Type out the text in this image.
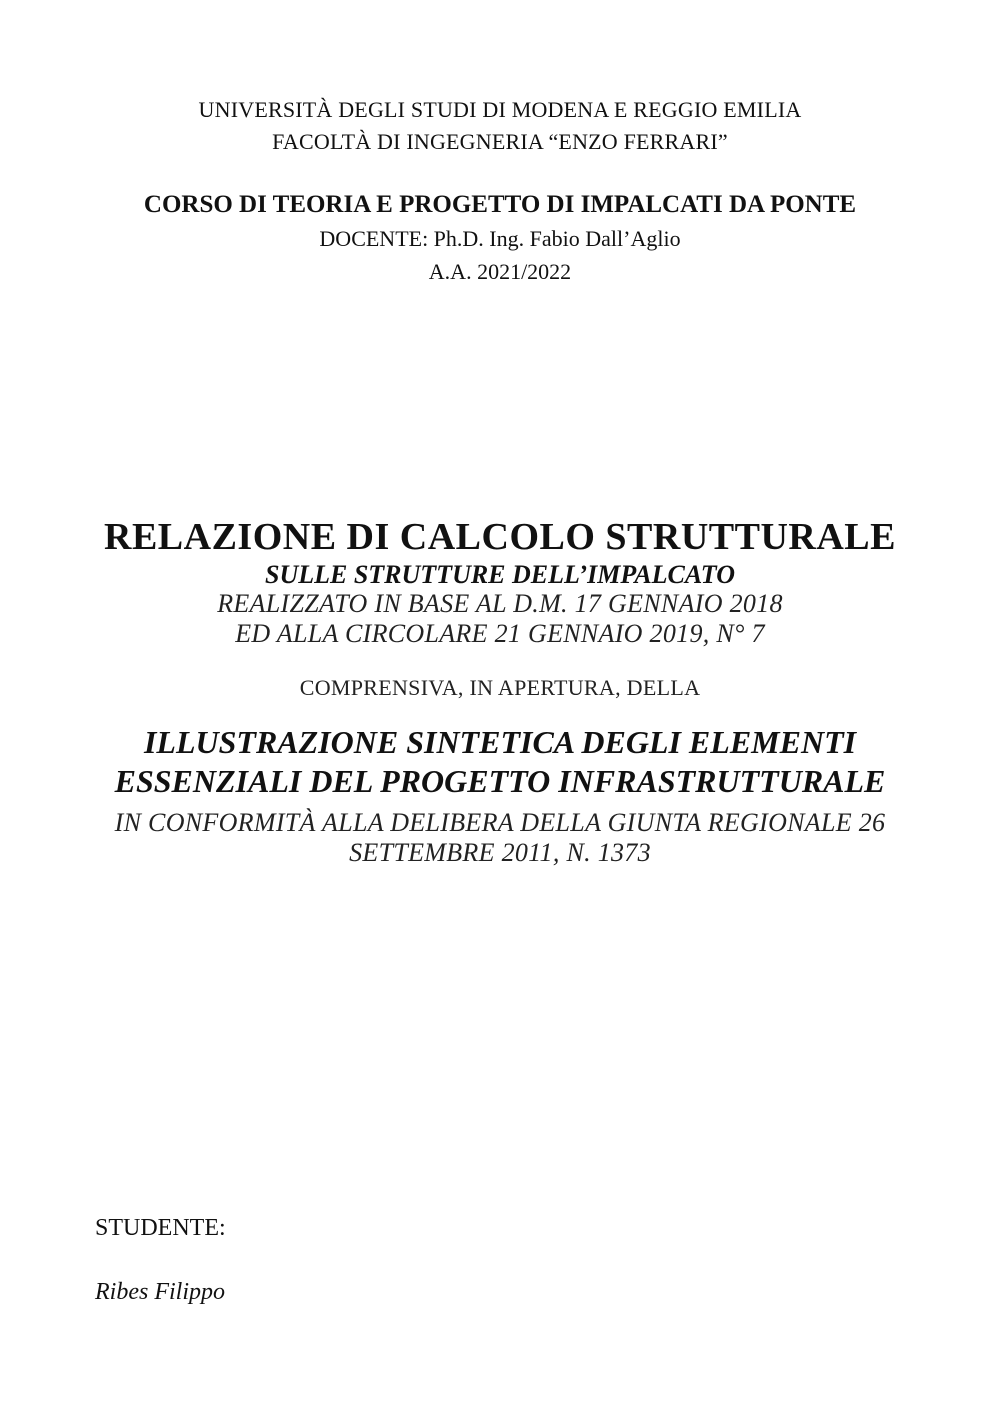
UNIVERSITÀ DEGLI STUDI DI MODENA E REGGIO EMILIA
FACOLTÀ DI INGEGNERIA “ENZO FERRARI”
CORSO DI TEORIA E PROGETTO DI IMPALCATI DA PONTE
DOCENTE: Ph.D. Ing. Fabio Dall’Aglio
A.A. 2021/2022
RELAZIONE DI CALCOLO STRUTTURALE
SULLE STRUTTURE DELL’IMPALCATO
REALIZZATO IN BASE AL D.M. 17 GENNAIO 2018
ED ALLA CIRCOLARE 21 GENNAIO 2019, N° 7
COMPRENSIVA, IN APERTURA, DELLA
ILLUSTRAZIONE SINTETICA DEGLI ELEMENTI
ESSENZIALI DEL PROGETTO INFRASTRUTTURALE
IN CONFORMITÀ ALLA DELIBERA DELLA GIUNTA REGIONALE 26
SETTEMBRE 2011, N. 1373
STUDENTE:
Ribes Filippo
